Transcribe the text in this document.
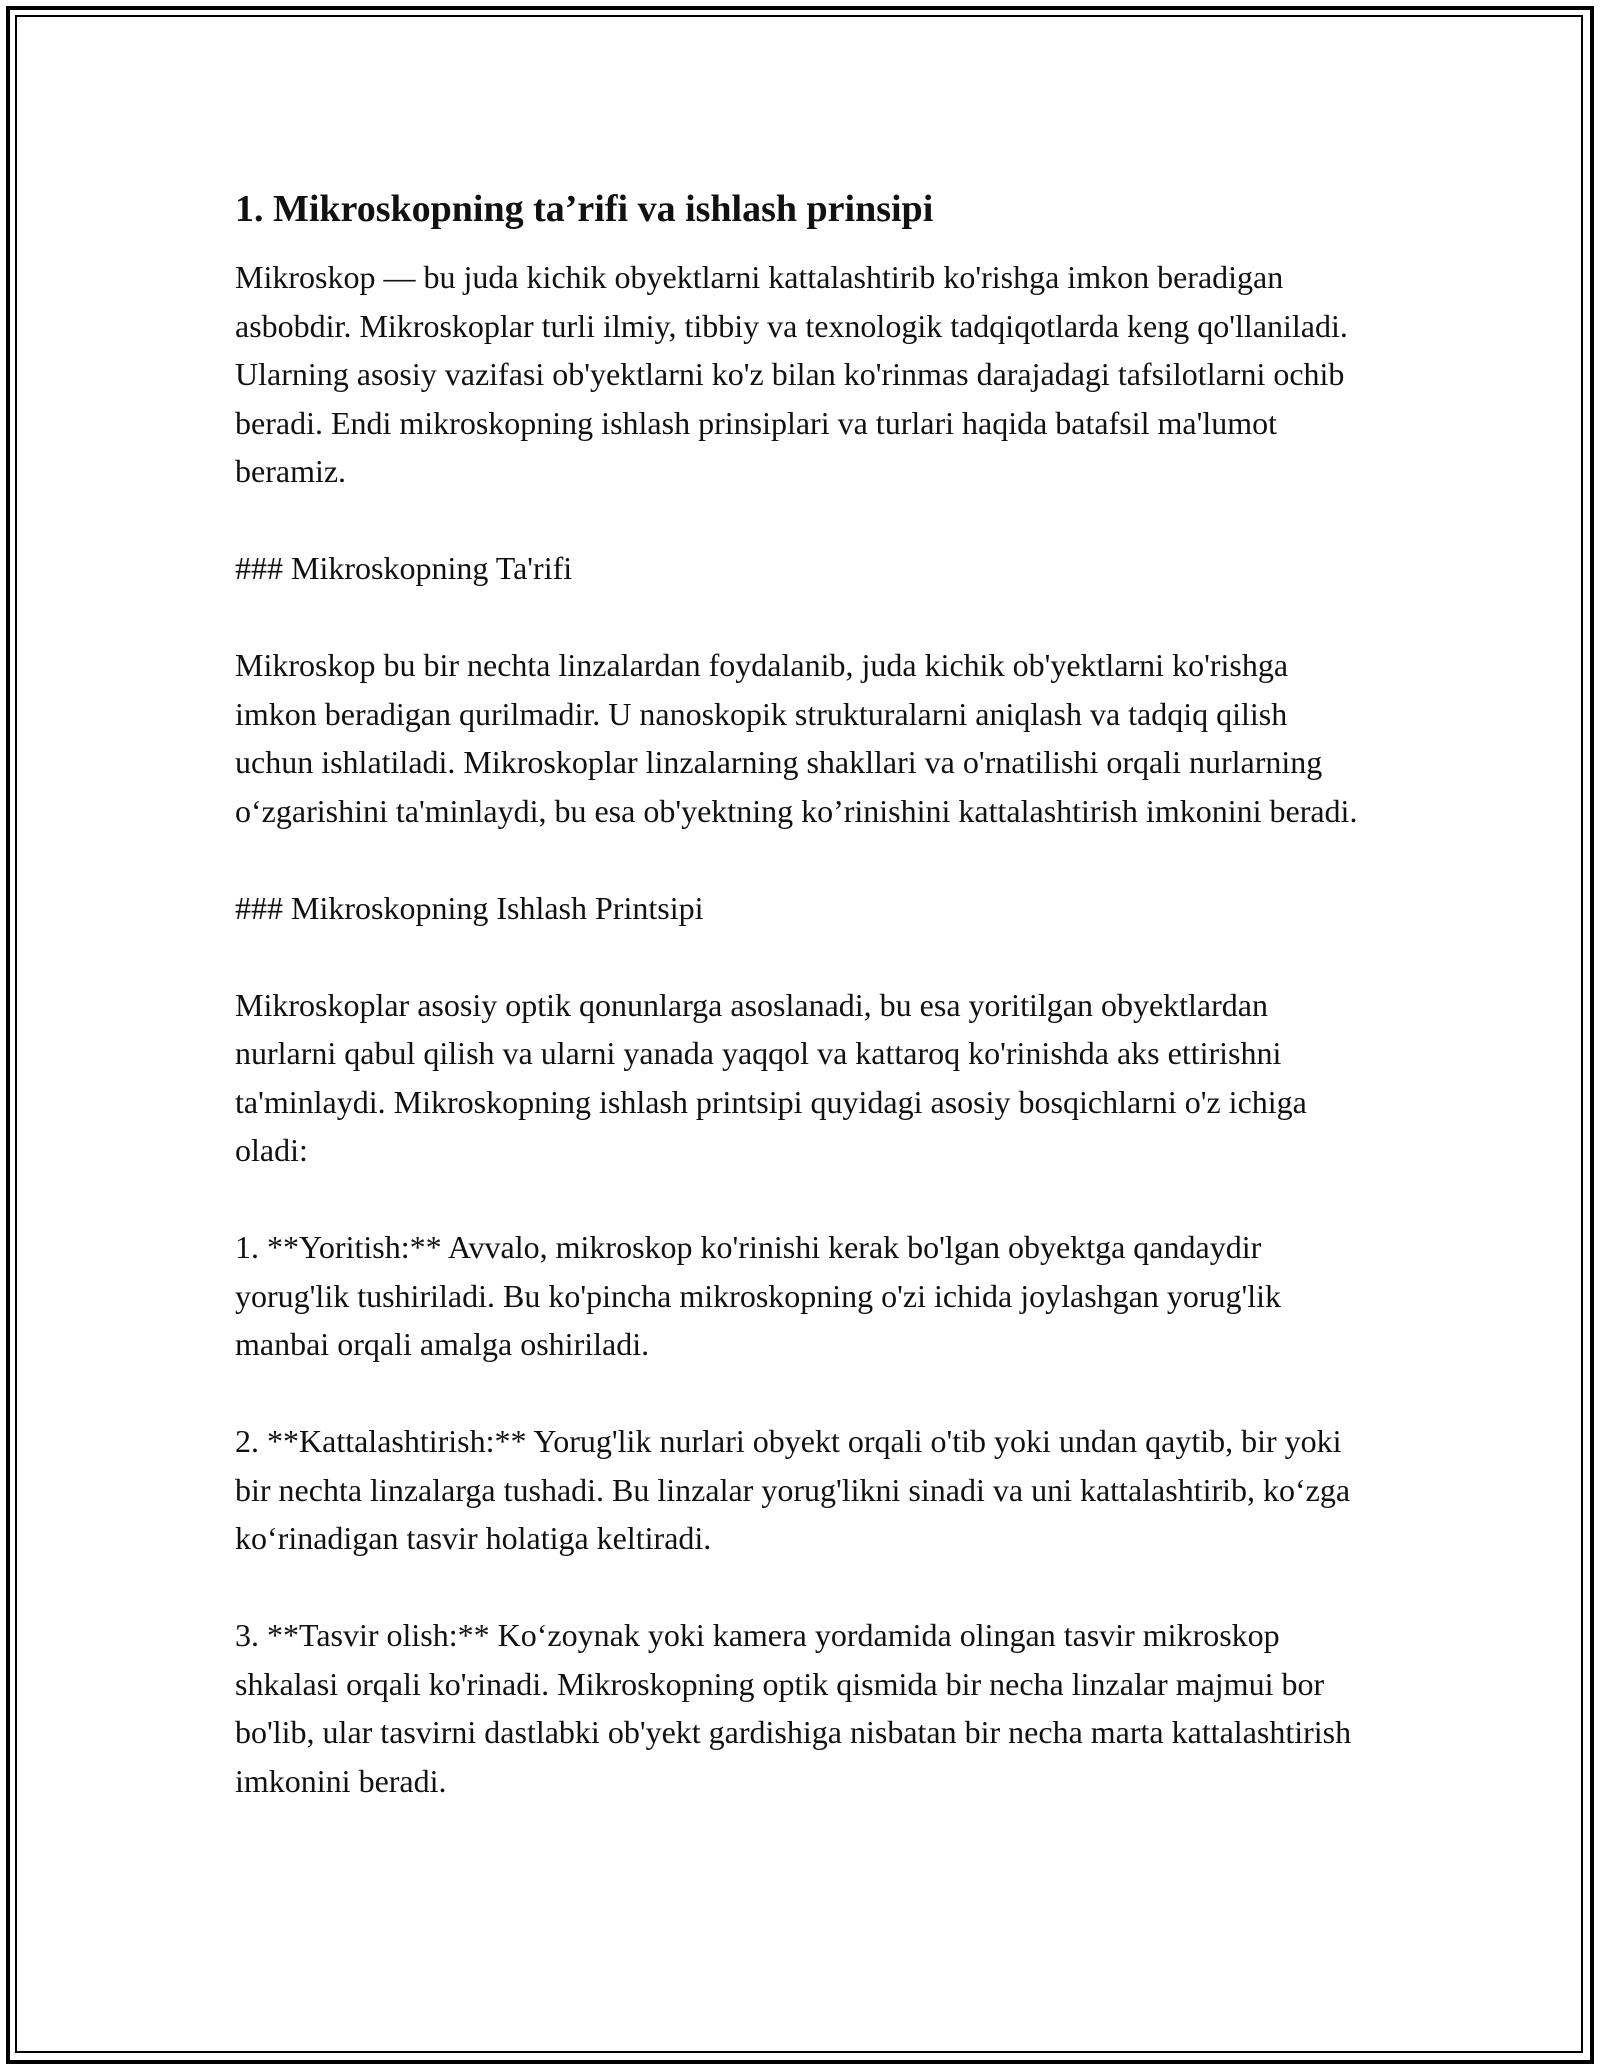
1. Mikroskopning ta’rifi va ishlash prinsipi

Mikroskop — bu juda kichik obyektlarni kattalashtirib ko'rishga imkon beradigan asbobdir. Mikroskoplar turli ilmiy, tibbiy va texnologik tadqiqotlarda keng qo'llaniladi. Ularning asosiy vazifasi ob'yektlarni ko'z bilan ko'rinmas darajadagi tafsilotlarni ochib beradi. Endi mikroskopning ishlash prinsiplari va turlari haqida batafsil ma'lumot beramiz.

### Mikroskopning Ta'rifi

Mikroskop bu bir nechta linzalardan foydalanib, juda kichik ob'yektlarni ko'rishga imkon beradigan qurilmadir. U nanoskopik strukturalarni aniqlash va tadqiq qilish uchun ishlatiladi. Mikroskoplar linzalarning shakllari va o'rnatilishi orqali nurlarning o‘zgarishini ta'minlaydi, bu esa ob'yektning ko’rinishini kattalashtirish imkonini beradi.

### Mikroskopning Ishlash Printsipi

Mikroskoplar asosiy optik qonunlarga asoslanadi, bu esa yoritilgan obyektlardan nurlarni qabul qilish va ularni yanada yaqqol va kattaroq ko'rinishda aks ettirishni ta'minlaydi. Mikroskopning ishlash printsipi quyidagi asosiy bosqichlarni o'z ichiga oladi:

1. **Yoritish:** Avvalo, mikroskop ko'rinishi kerak bo'lgan obyektga qandaydir yorug'lik tushiriladi. Bu ko'pincha mikroskopning o'zi ichida joylashgan yorug'lik manbai orqali amalga oshiriladi.

2. **Kattalashtirish:** Yorug'lik nurlari obyekt orqali o'tib yoki undan qaytib, bir yoki bir nechta linzalarga tushadi. Bu linzalar yorug'likni sinadi va uni kattalashtirib, ko‘zga ko‘rinadigan tasvir holatiga keltiradi.

3. **Tasvir olish:** Ko‘zoynak yoki kamera yordamida olingan tasvir mikroskop shkalasi orqali ko'rinadi. Mikroskopning optik qismida bir necha linzalar majmui bor bo'lib, ular tasvirni dastlabki ob'yekt gardishiga nisbatan bir necha marta kattalashtirish imkonini beradi.
